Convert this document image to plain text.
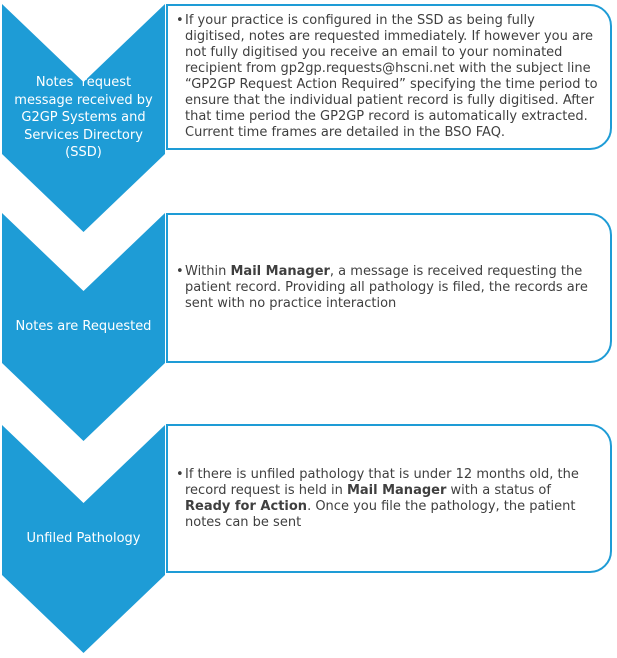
Notes  request
message received by
G2GP Systems and
Services Directory
(SSD)
• If your practice is configured in the SSD as being fully digitised, notes are requested immediately. If however you are not fully digitised you receive an email to your nominated recipient from gp2gp.requests@hscni.net with the subject line “GP2GP Request Action Required” specifying the time period to ensure that the individual patient record is fully digitised. After that time period the GP2GP record is automatically extracted. Current time frames are detailed in the BSO FAQ.
Notes are Requested
• Within Mail Manager, a message is received requesting the patient record. Providing all pathology is filed, the records are sent with no practice interaction
Unfiled Pathology
• If there is unfiled pathology that is under 12 months old, the record request is held in Mail Manager with a status of Ready for Action. Once you file the pathology, the patient notes can be sent
